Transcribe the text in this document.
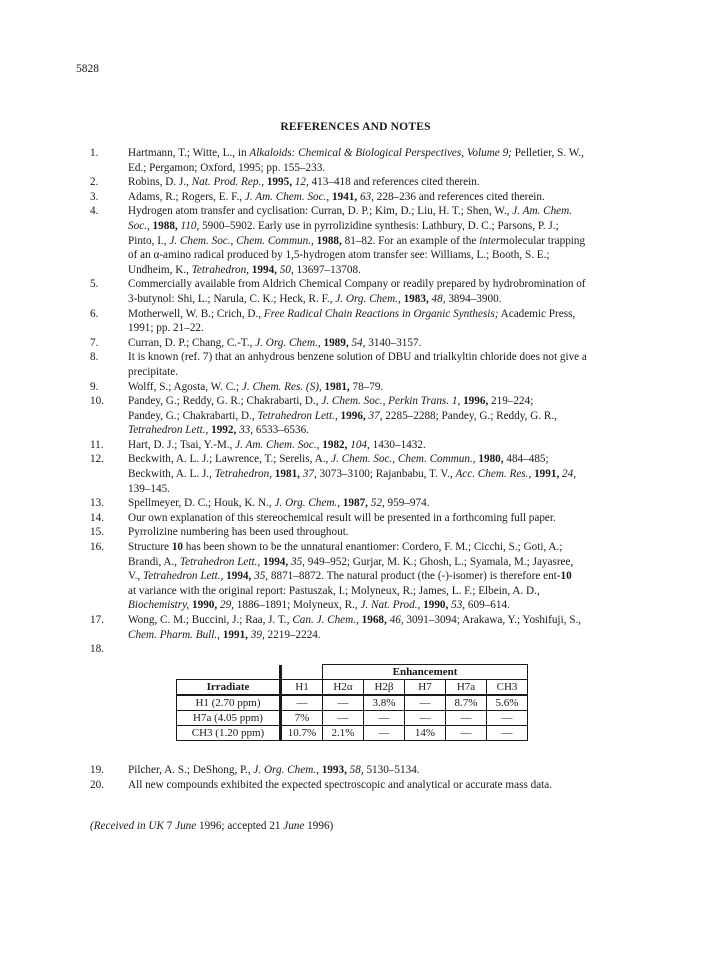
5828
REFERENCES AND NOTES
1.	Hartmann, T.; Witte, L., in Alkaloids: Chemical & Biological Perspectives, Volume 9; Pelletier, S. W.,
Ed.; Pergamon; Oxford, 1995; pp. 155–233.
2.	Robins, D. J., Nat. Prod. Rep., 1995, 12, 413–418 and references cited therein.
3.	Adams, R.; Rogers, E. F., J. Am. Chem. Soc., 1941, 63, 228–236 and references cited therein.
4.	Hydrogen atom transfer and cyclisation: Curran, D. P.; Kim, D.; Liu, H. T.; Shen, W., J. Am. Chem.
Soc., 1988, 110, 5900–5902. Early use in pyrrolizidine synthesis: Lathbury, D. C.; Parsons, P. J.;
Pinto, I., J. Chem. Soc., Chem. Commun., 1988, 81–82. For an example of the intermolecular trapping
of an α-amino radical produced by 1,5-hydrogen atom transfer see: Williams, L.; Booth, S. E.;
Undheim, K., Tetrahedron, 1994, 50, 13697–13708.
5.	Commercially available from Aldrich Chemical Company or readily prepared by hydrobromination of
3-butynol: Shi, L.; Narula, C. K.; Heck, R. F., J. Org. Chem., 1983, 48, 3894–3900.
6.	Motherwell, W. B.; Crich, D., Free Radical Chain Reactions in Organic Synthesis; Academic Press,
1991; pp. 21–22.
7.	Curran, D. P.; Chang, C.-T., J. Org. Chem., 1989, 54, 3140–3157.
8.	It is known (ref. 7) that an anhydrous benzene solution of DBU and trialkyltin chloride does not give a
precipitate.
9.	Wolff, S.; Agosta, W. C.; J. Chem. Res. (S), 1981, 78–79.
10.	Pandey, G.; Reddy, G. R.; Chakrabarti, D., J. Chem. Soc., Perkin Trans. 1, 1996, 219–224;
Pandey, G.; Chakrabarti, D., Tetrahedron Lett., 1996, 37, 2285–2288; Pandey, G.; Reddy, G. R.,
Tetrahedron Lett., 1992, 33, 6533–6536.
11.	Hart, D. J.; Tsai, Y.-M., J. Am. Chem. Soc., 1982, 104, 1430–1432.
12.	Beckwith, A. L. J.; Lawrence, T.; Serelis, A., J. Chem. Soc., Chem. Commun., 1980, 484–485;
Beckwith, A. L. J., Tetrahedron, 1981, 37, 3073–3100; Rajanbabu, T. V., Acc. Chem. Res., 1991, 24,
139–145.
13.	Spellmeyer, D. C.; Houk, K. N., J. Org. Chem., 1987, 52, 959–974.
14.	Our own explanation of this stereochemical result will be presented in a forthcoming full paper.
15.	Pyrrolizine numbering has been used throughout.
16.	Structure 10 has been shown to be the unnatural enantiomer: Cordero, F. M.; Cicchi, S.; Goti, A.;
Brandi, A., Tetrahedron Lett., 1994, 35, 949–952; Gurjar, M. K.; Ghosh, L.; Syamala, M.; Jayasree,
V., Tetrahedron Lett., 1994, 35, 8871–8872. The natural product (the (-)-isomer) is therefore ent-10
at variance with the original report: Pastuszak, I.; Molyneux, R.; James, L. F.; Elbein, A. D.,
Biochemistry, 1990, 29, 1886–1891; Molyneux, R., J. Nat. Prod., 1990, 53, 609–614.
17.	Wong, C. M.; Buccini, J.; Raa, J. T., Can. J. Chem., 1968, 46, 3091–3094; Arakawa, Y.; Yoshifuji, S.,
Chem. Pharm. Bull., 1991, 39, 2219–2224.
18.
		Enhancement				
Irradiate	H1	H2α	H2β	H7	H7a	CH3
H1 (2.70 ppm)	—	—	3.8%	—	8.7%	5.6%
H7a (4.05 ppm)	7%	—	—	—	—	—
CH3 (1.20 ppm)	10.7%	2.1%	—	14%	—	—
19.	Pilcher, A. S.; DeShong, P., J. Org. Chem., 1993, 58, 5130–5134.
20.	All new compounds exhibited the expected spectroscopic and analytical or accurate mass data.
(Received in UK 7 June 1996; accepted 21 June 1996)
